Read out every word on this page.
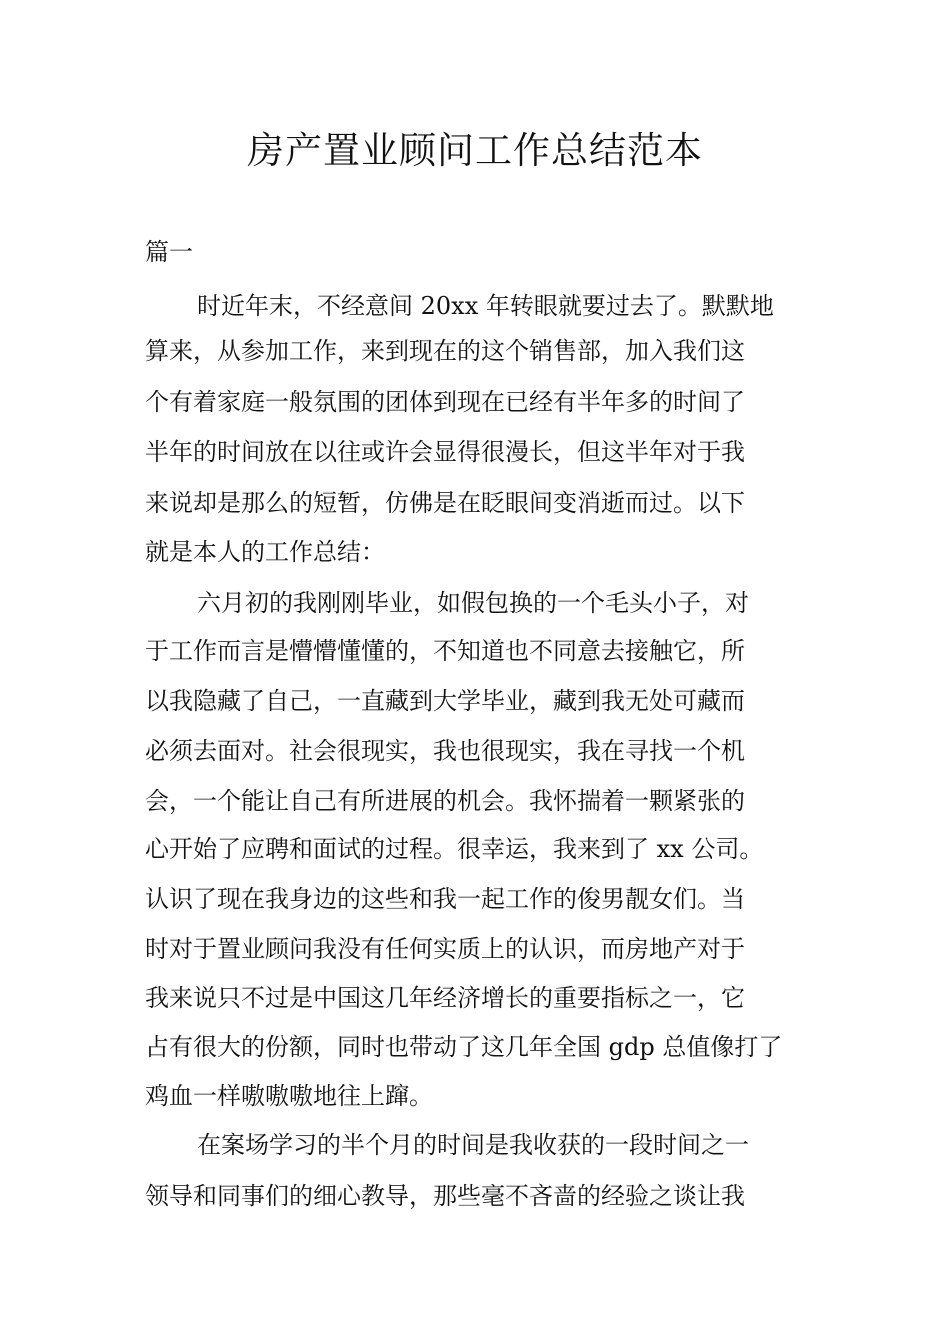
房产置业顾问工作总结范本

篇一

时近年末，不经意间 20xx 年转眼就要过去了。默默地

算来，从参加工作，来到现在的这个销售部，加入我们这

个有着家庭一般氛围的团体到现在已经有半年多的时间了

半年的时间放在以往或许会显得很漫长，但这半年对于我

来说却是那么的短暂，仿佛是在眨眼间变消逝而过。以下

就是本人的工作总结：

六月初的我刚刚毕业，如假包换的一个毛头小子，对

于工作而言是懵懵懂懂的，不知道也不同意去接触它，所

以我隐藏了自己，一直藏到大学毕业，藏到我无处可藏而

必须去面对。社会很现实，我也很现实，我在寻找一个机

会，一个能让自己有所进展的机会。我怀揣着一颗紧张的

心开始了应聘和面试的过程。很幸运，我来到了 xx 公司。

认识了现在我身边的这些和我一起工作的俊男靓女们。当

时对于置业顾问我没有任何实质上的认识，而房地产对于

我来说只不过是中国这几年经济增长的重要指标之一，它

占有很大的份额，同时也带动了这几年全国 gdp 总值像打了

鸡血一样嗷嗷嗷地往上蹿。

在案场学习的半个月的时间是我收获的一段时间之一

领导和同事们的细心教导，那些毫不吝啬的经验之谈让我
